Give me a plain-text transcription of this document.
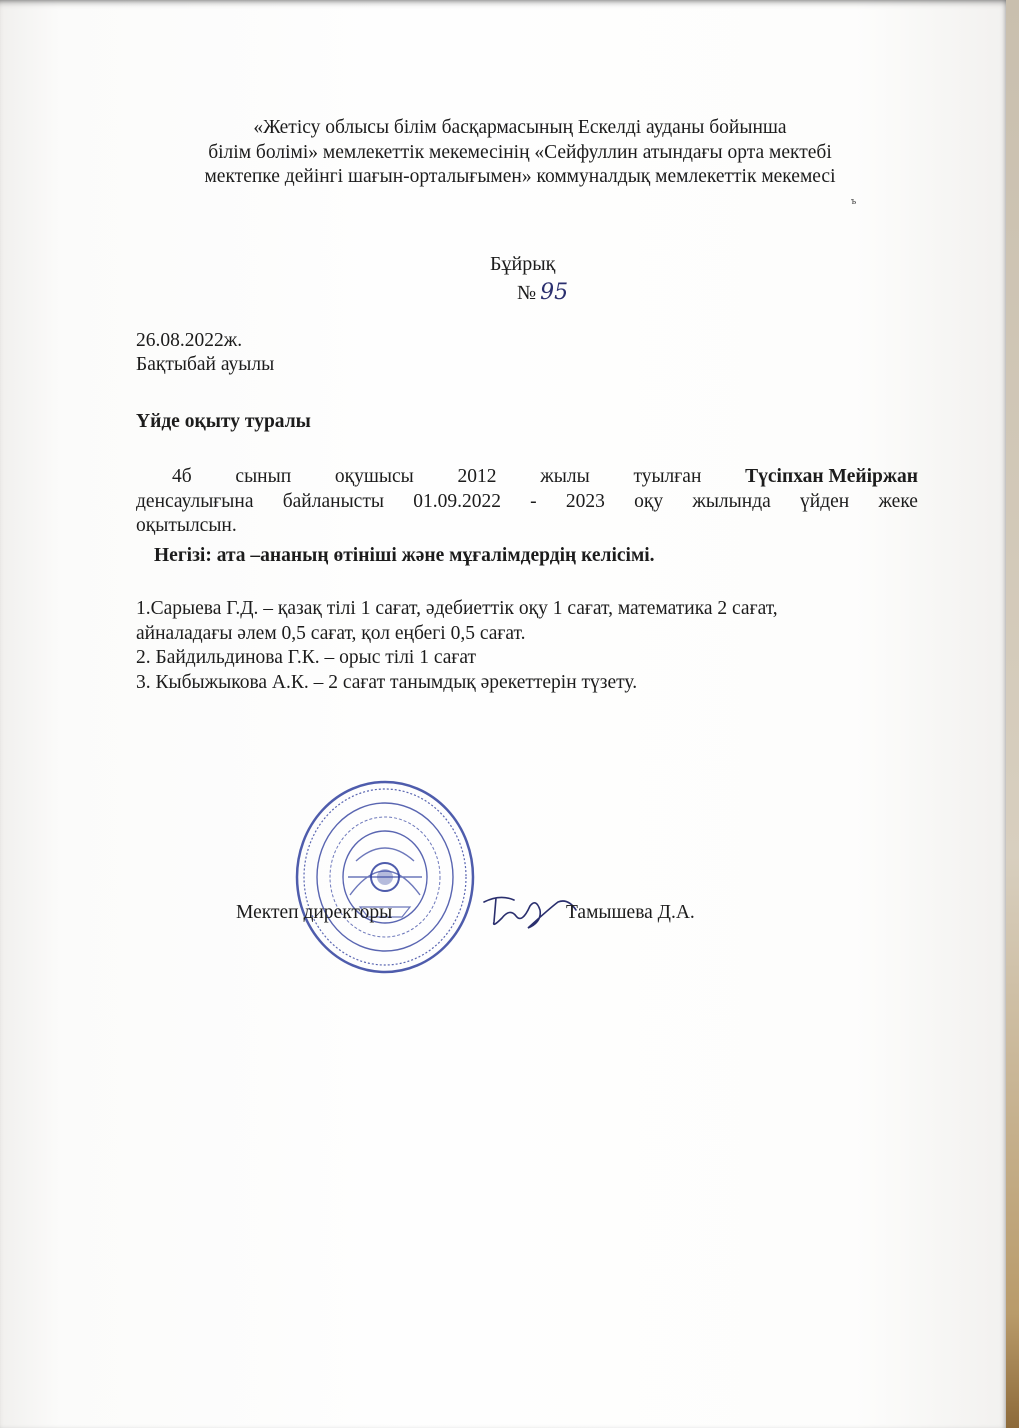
«Жетісу облысы білім басқармасының Ескелді ауданы бойынша
білім болімі» мемлекеттік мекемесінің «Сейфуллин атындағы орта мектебі
мектепке дейінгі шағын-орталығымен» коммуналдық мемлекеттік мекемесі
ъ
Бұйрық
№ 95
26.08.2022ж.
Бақтыбай ауылы
Үйде оқыту туралы
4б сынып оқушысы 2012 жылы туылған Түсіпхан Мейіржан
денсаулығына байланысты 01.09.2022 - 2023 оқу жылында үйден жеке
оқытылсын.
Негізі: ата –ананың өтініші және мұғалімдердің келісімі.
1.Сарыева Г.Д. – қазақ тілі 1 сағат, әдебиеттік оқу 1 сағат, математика 2 сағат,
айналадағы әлем 0,5 сағат, қол еңбегі 0,5 сағат.
2. Байдильдинова Г.К. – орыс тілі 1 сағат
3. Кыбыжыкова А.К. – 2 сағат танымдық әрекеттерін түзету.
Мектеп директоры	Тамышева Д.А.
